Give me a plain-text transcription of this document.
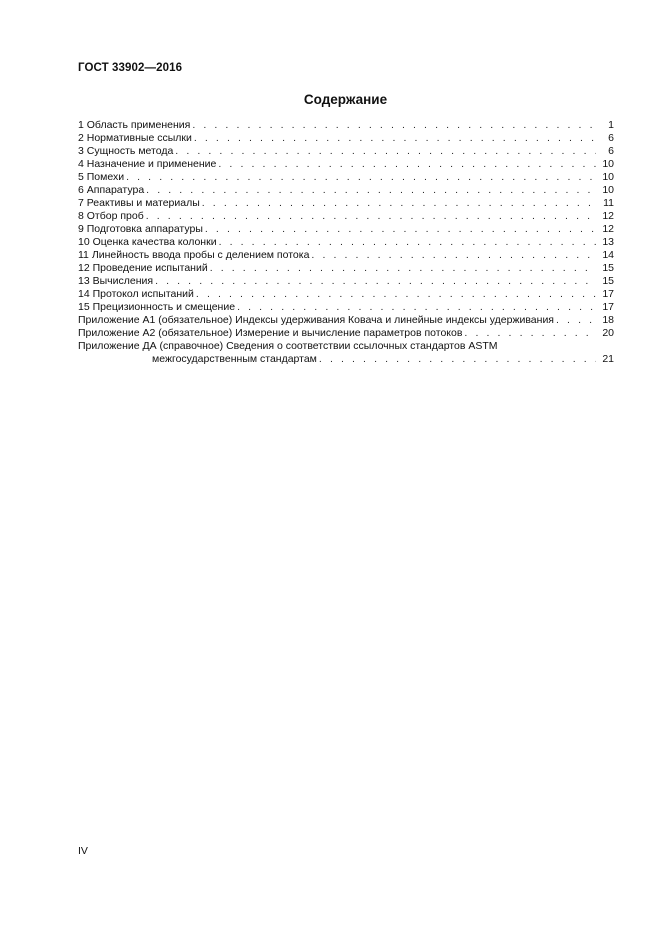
ГОСТ 33902—2016
Содержание
1 Область применения . . .	1
2 Нормативные ссылки . . .	6
3 Сущность метода . . .	6
4 Назначение и применение . . .	10
5 Помехи . . .	10
6 Аппаратура . . .	10
7 Реактивы и материалы . . .	11
8 Отбор проб . . .	12
9 Подготовка аппаратуры . . .	12
10 Оценка качества колонки . . .	13
11 Линейность ввода пробы с делением потока . . .	14
12 Проведение испытаний . . .	15
13 Вычисления . . .	15
14 Протокол испытаний . . .	17
15 Прецизионность и смещение . . .	17
Приложение А1 (обязательное) Индексы удерживания Ковача и линейные индексы удерживания . . .	18
Приложение А2 (обязательное) Измерение и вычисление параметров потоков . . .	20
Приложение ДА (справочное) Сведения о соответствии ссылочных стандартов ASTM
межгосударственным стандартам . . .	21
IV
